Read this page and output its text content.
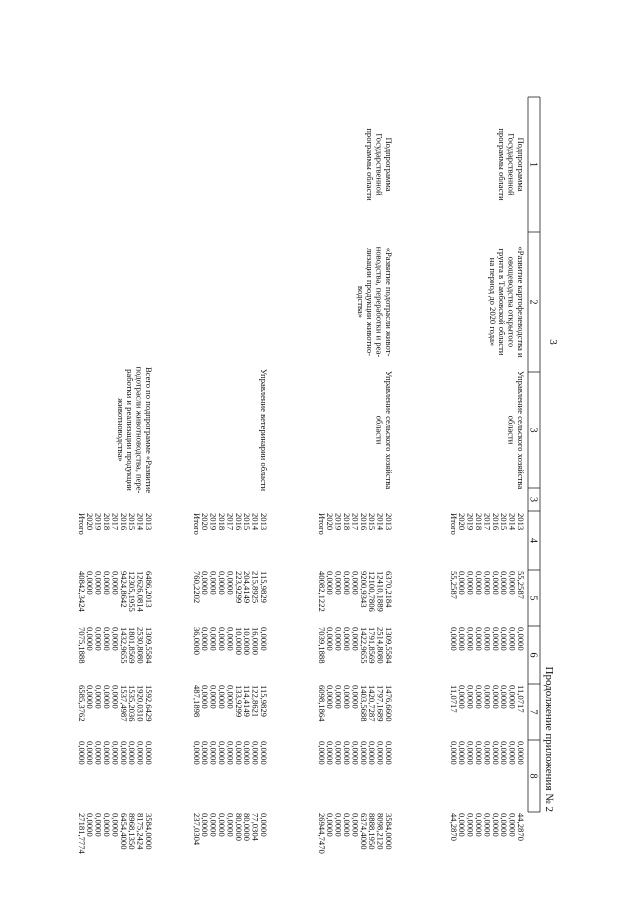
3
Продолжение приложения № 2
1
2
3
3
4
5
6
7
8
Подпрограмма
Государственной
программы области
«Развитие картофелеводства и
овощеводства открытого
грунта в Тамбовской области
на период до 2020 года»
Управление сельского хозяйства
области
2013
55,2587
0,0000
11,0717
0,0000
44,2870
2014
0,0000
0,0000
0,0000
0,0000
0,0000
2015
0,0000
0,0000
0,0000
0,0000
0,0000
2016
0,0000
0,0000
0,0000
0,0000
0,0000
2017
0,0000
0,0000
0,0000
0,0000
0,0000
2018
0,0000
0,0000
0,0000
0,0000
0,0000
2019
0,0000
0,0000
0,0000
0,0000
0,0000
2020
0,0000
0,0000
0,0000
0,0000
0,0000
Итого
55,2587
0,0000
11,0717
0,0000
44,2870
Подпрограмма
Государственной
программы области
«Развитие подотрасли живот-
новодства, переработки и реа-
лизации продукции животно-
водства»
Управление сельского хозяйства
области
2013
6370,2184
1309,5584
1476,6600
0,0000
3584,0000
2014
12410,1889
2514,8080
1797,1689
0,0000
8098,2120
2015
12100,7806
1791,8569
1420,7287
0,0000
8888,1950
2016
9200,9343
1422,9655
1403,5688
0,0000
6374,4000
2017
0,0000
0,0000
0,0000
0,0000
0,0000
2018
0,0000
0,0000
0,0000
0,0000
0,0000
2019
0,0000
0,0000
0,0000
0,0000
0,0000
2020
0,0000
0,0000
0,0000
0,0000
0,0000
Итого
40082,1222
7039,1888
6098,1864
0,0000
26944,7470
Управление ветеринарии области
2013
115,9829
0,0000
115,9829
0,0000
0,0000
2014
215,8925
16,0000
122,8621
0,0000
77,0304
2015
204,4149
10,0000
114,4149
0,0000
80,0000
2016
223,9299
10,0000
133,9299
0,0000
80,0000
2017
0,0000
0,0000
0,0000
0,0000
0,0000
2018
0,0000
0,0000
0,0000
0,0000
0,0000
2019
0,0000
0,0000
0,0000
0,0000
0,0000
2020
0,0000
0,0000
0,0000
0,0000
0,0000
Итого
760,2202
36,0000
487,1898
0,0000
237,0304
Всего по подпрограмме «Развитие
подотрасли животноводства, пере-
работки и реализации продукции
животноводства»
2013
6486,2013
1309,5584
1592,6429
0,0000
3584,0000
2014
12626,0814
2530,8080
1920,0310
0,0000
8175,2424
2015
12305,1955
1801,8569
1535,2036
0,0000
8968,1350
2016
9424,8642
1432,9655
1537,4987
0,0000
6454,4000
2017
0,0000
0,0000
0,0000
0,0000
0,0000
2018
0,0000
0,0000
0,0000
0,0000
0,0000
2019
0,0000
0,0000
0,0000
0,0000
0,0000
2020
0,0000
0,0000
0,0000
0,0000
0,0000
Итого
40842,3424
7075,1888
6585,3762
0,0000
27181,7774
